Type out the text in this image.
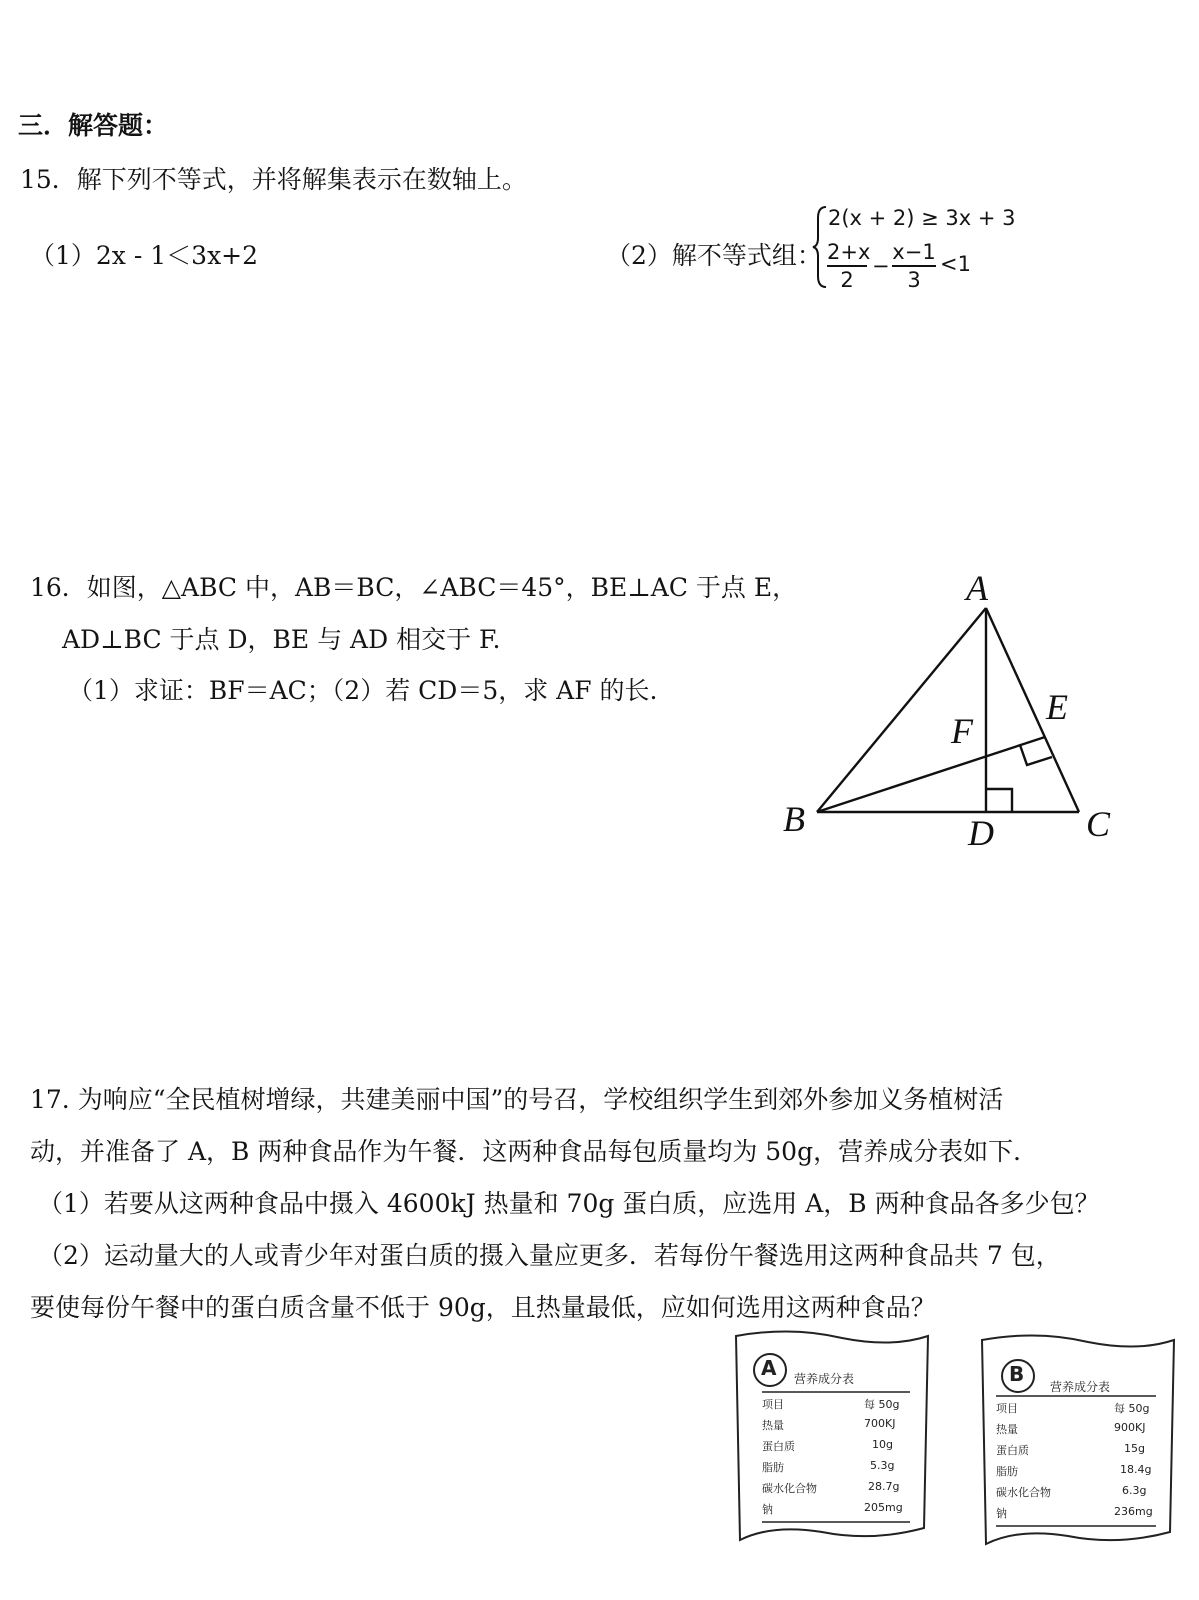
三．解答题：
15．解下列不等式，并将解集表示在数轴上。
（1）2x - 1＜3x+2	（2）解不等式组：
2(x + 2) ≥ 3x + 3
2+x
2
−
x−1
3
<1
16．如图，△ABC 中，AB＝BC，∠ABC＝45°，BE⊥AC 于点 E，
AD⊥BC 于点 D，BE 与 AD 相交于 F.
（1）求证：BF＝AC；（2）若 CD＝5，求 AF 的长.
A
B	C
D
E
F
17. 为响应“全民植树增绿，共建美丽中国”的号召，学校组织学生到郊外参加义务植树活
动，并准备了 A，B 两种食品作为午餐．这两种食品每包质量均为 50g，营养成分表如下．
（1）若要从这两种食品中摄入 4600kJ 热量和 70g 蛋白质，应选用 A，B 两种食品各多少包？
（2）运动量大的人或青少年对蛋白质的摄入量应更多．若每份午餐选用这两种食品共 7 包，
要使每份午餐中的蛋白质含量不低于 90g，且热量最低，应如何选用这两种食品？
A 营养成分表
项目	每 50g
热量	700KJ
蛋白质	10g
脂肪	5.3g
碳水化合物	28.7g
钠	205mg
B
营养成分表
项目	每 50g
热量	900KJ
蛋白质	15g
脂肪	18.4g
碳水化合物	6.3g
钠	236mg
